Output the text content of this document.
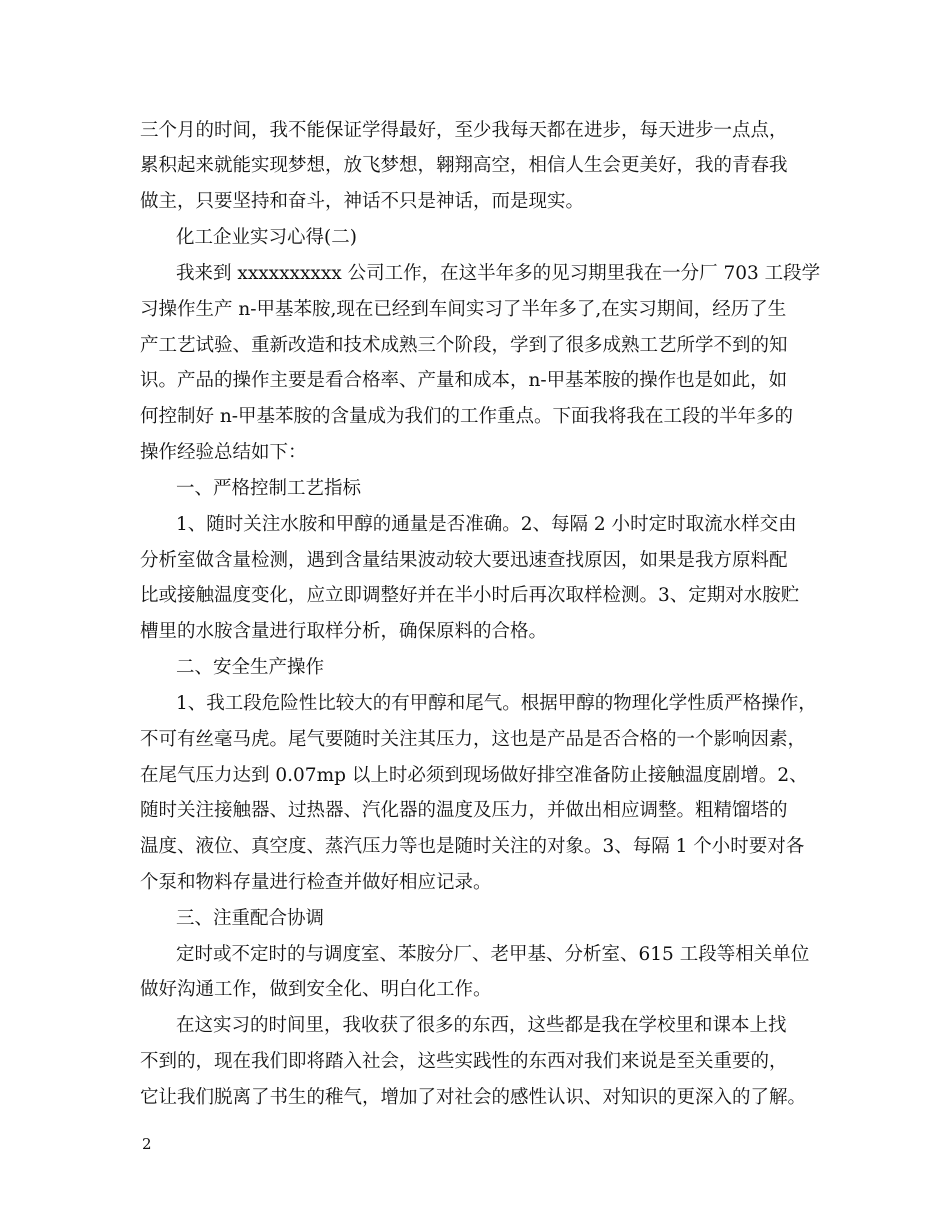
三个月的时间，我不能保证学得最好，至少我每天都在进步，每天进步一点点，
累积起来就能实现梦想，放飞梦想，翱翔高空，相信人生会更美好，我的青春我
做主，只要坚持和奋斗，神话不只是神话，而是现实。
化工企业实习心得(二)
我来到 xxxxxxxxxx 公司工作，在这半年多的见习期里我在一分厂 703 工段学
习操作生产 n-甲基苯胺,现在已经到车间实习了半年多了,在实习期间，经历了生
产工艺试验、重新改造和技术成熟三个阶段，学到了很多成熟工艺所学不到的知
识。产品的操作主要是看合格率、产量和成本，n-甲基苯胺的操作也是如此，如
何控制好 n-甲基苯胺的含量成为我们的工作重点。下面我将我在工段的半年多的
操作经验总结如下：
一、严格控制工艺指标
1、随时关注水胺和甲醇的通量是否准确。2、每隔 2 小时定时取流水样交由
分析室做含量检测，遇到含量结果波动较大要迅速查找原因，如果是我方原料配
比或接触温度变化，应立即调整好并在半小时后再次取样检测。3、定期对水胺贮
槽里的水胺含量进行取样分析，确保原料的合格。
二、安全生产操作
1、我工段危险性比较大的有甲醇和尾气。根据甲醇的物理化学性质严格操作，
不可有丝毫马虎。尾气要随时关注其压力，这也是产品是否合格的一个影响因素，
在尾气压力达到 0.07mp 以上时必须到现场做好排空准备防止接触温度剧增。2、
随时关注接触器、过热器、汽化器的温度及压力，并做出相应调整。粗精馏塔的
温度、液位、真空度、蒸汽压力等也是随时关注的对象。3、每隔 1 个小时要对各
个泵和物料存量进行检查并做好相应记录。
三、注重配合协调
定时或不定时的与调度室、苯胺分厂、老甲基、分析室、615 工段等相关单位
做好沟通工作，做到安全化、明白化工作。
在这实习的时间里，我收获了很多的东西，这些都是我在学校里和课本上找
不到的，现在我们即将踏入社会，这些实践性的东西对我们来说是至关重要的，
它让我们脱离了书生的稚气，增加了对社会的感性认识、对知识的更深入的了解。
2
